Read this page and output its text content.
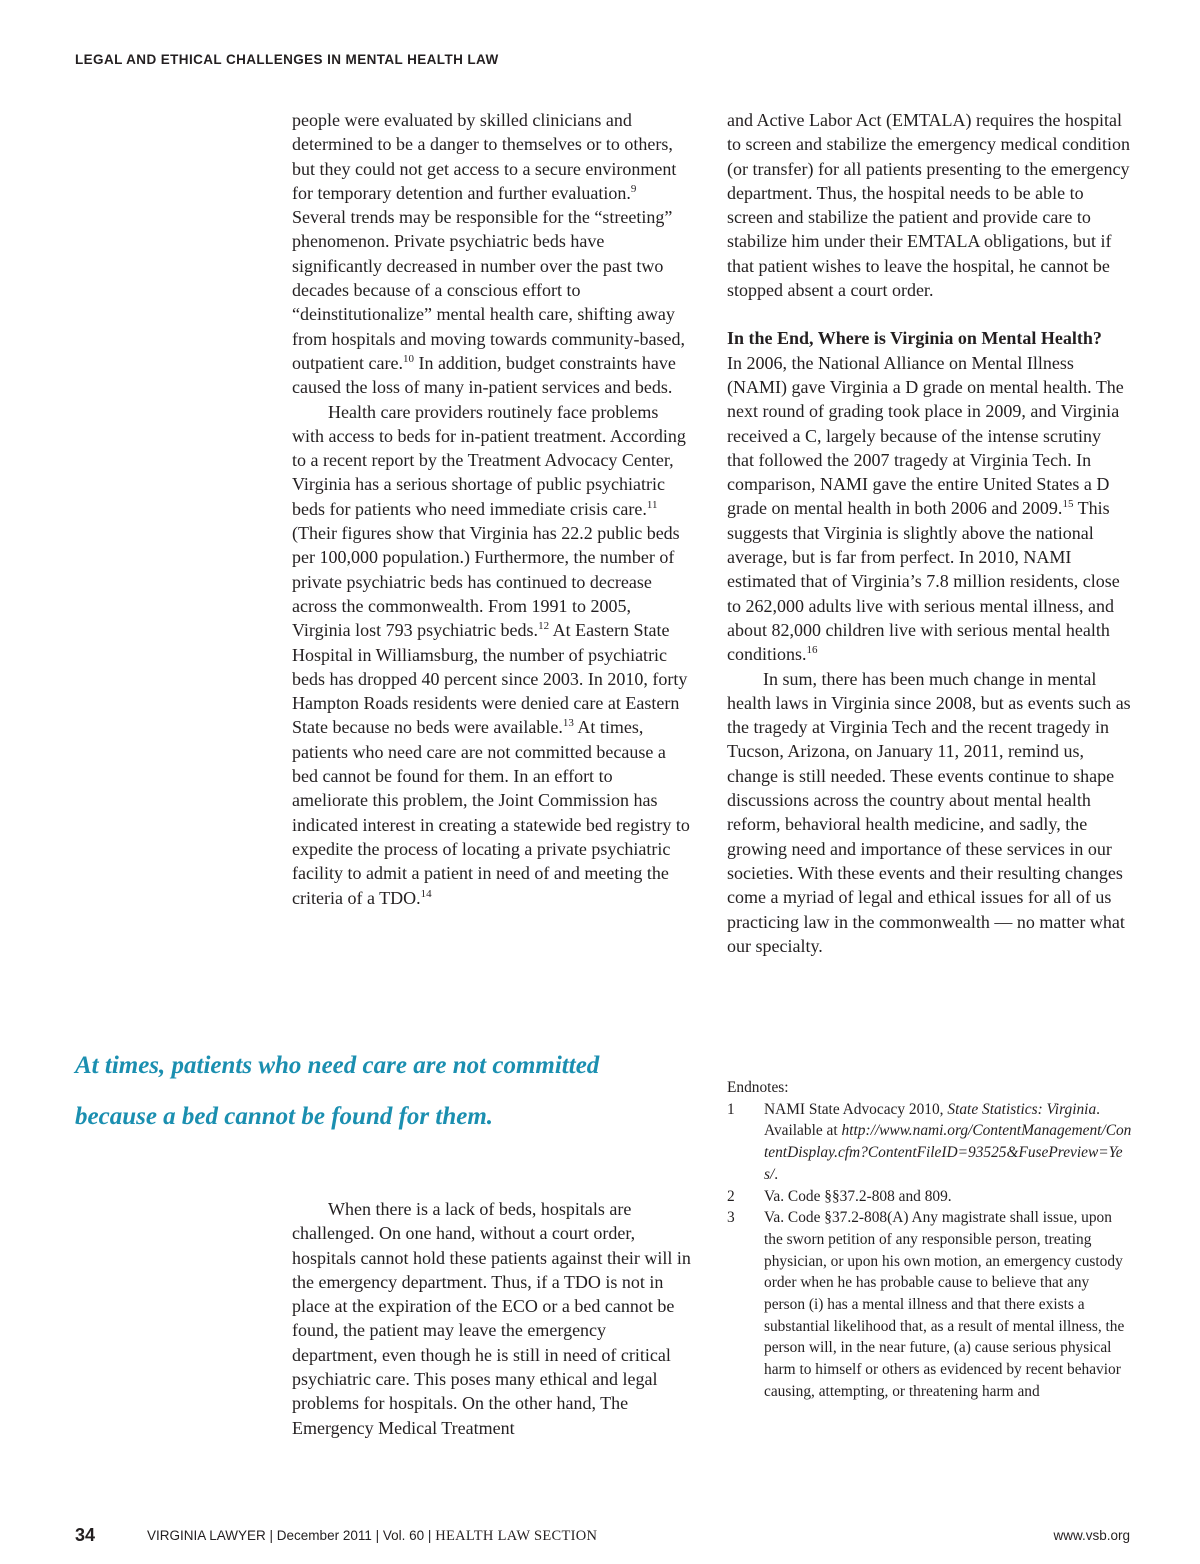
LEGAL AND ETHICAL CHALLENGES IN MENTAL HEALTH LAW

people were evaluated by skilled clinicians and determined to be a danger to themselves or to others, but they could not get access to a secure environment for temporary detention and further evaluation.$^9$ Several trends may be responsible for the “streeting” phenomenon. Private psychiatric beds have significantly decreased in number over the past two decades because of a conscious effort to “deinstitutionalize” mental health care, shifting away from hospitals and moving towards community-based, outpatient care.$^{10}$ In addition, budget constraints have caused the loss of many in-patient services and beds.

Health care providers routinely face problems with access to beds for in-patient treatment. According to a recent report by the Treatment Advocacy Center, Virginia has a serious shortage of public psychiatric beds for patients who need immediate crisis care.$^{11}$ (Their figures show that Virginia has 22.2 public beds per 100,000 population.) Furthermore, the number of private psychiatric beds has continued to decrease across the commonwealth. From 1991 to 2005, Virginia lost 793 psychiatric beds.$^{12}$ At Eastern State Hospital in Williamsburg, the number of psychiatric beds has dropped 40 percent since 2003. In 2010, forty Hampton Roads residents were denied care at Eastern State because no beds were available.$^{13}$ At times, patients who need care are not committed because a bed cannot be found for them. In an effort to ameliorate this problem, the Joint Commission has indicated interest in creating a statewide bed registry to expedite the process of locating a private psychiatric facility to admit a patient in need of and meeting the criteria of a TDO.$^{14}$

At times, patients who need care are not committed
because a bed cannot be found for them.

When there is a lack of beds, hospitals are challenged. On one hand, without a court order, hospitals cannot hold these patients against their will in the emergency department. Thus, if a TDO is not in place at the expiration of the ECO or a bed cannot be found, the patient may leave the emergency department, even though he is still in need of critical psychiatric care. This poses many ethical and legal problems for hospitals. On the other hand, The Emergency Medical Treatment

and Active Labor Act (EMTALA) requires the hospital to screen and stabilize the emergency medical condition (or transfer) for all patients presenting to the emergency department. Thus, the hospital needs to be able to screen and stabilize the patient and provide care to stabilize him under their EMTALA obligations, but if that patient wishes to leave the hospital, he cannot be stopped absent a court order.

In the End, Where is Virginia on Mental Health?

In 2006, the National Alliance on Mental Illness (NAMI) gave Virginia a D grade on mental health. The next round of grading took place in 2009, and Virginia received a C, largely because of the intense scrutiny that followed the 2007 tragedy at Virginia Tech. In comparison, NAMI gave the entire United States a D grade on mental health in both 2006 and 2009.15 This suggests that Virginia is slightly above the national average, but is far from perfect. In 2010, NAMI estimated that of Virginia’s 7.8 million residents, close to 262,000 adults live with serious mental illness, and about 82,000 children live with serious mental health conditions.$^{16}$

In sum, there has been much change in mental health laws in Virginia since 2008, but as events such as the tragedy at Virginia Tech and the recent tragedy in Tucson, Arizona, on January 11, 2011, remind us, change is still needed. These events continue to shape discussions across the country about mental health reform, behavioral health medicine, and sadly, the growing need and importance of these services in our societies. With these events and their resulting changes come a myriad of legal and ethical issues for all of us practicing law in the commonwealth — no matter what our specialty.

Endnotes:

1	NAMI State Advocacy 2010, State Statistics: Virginia. Available at http://www.nami.org/ContentManagement/ContentDisplay.cfm?ContentFileID=93525&FusePreview=Yes/.
2	Va. Code §§37.2-808 and 809.
3	Va. Code §37.2-808(A) Any magistrate shall issue, upon the sworn petition of any responsible person, treating physician, or upon his own motion, an emergency custody order when he has probable cause to believe that any person (i) has a mental illness and that there exists a substantial likelihood that, as a result of mental illness, the person will, in the near future, (a) cause serious physical harm to himself or others as evidenced by recent behavior causing, attempting, or threatening harm and
34	VIRGINIA LAWYER | December 2011 | Vol. 60 | HEALTH LAW SECTION	www.vsb.org
